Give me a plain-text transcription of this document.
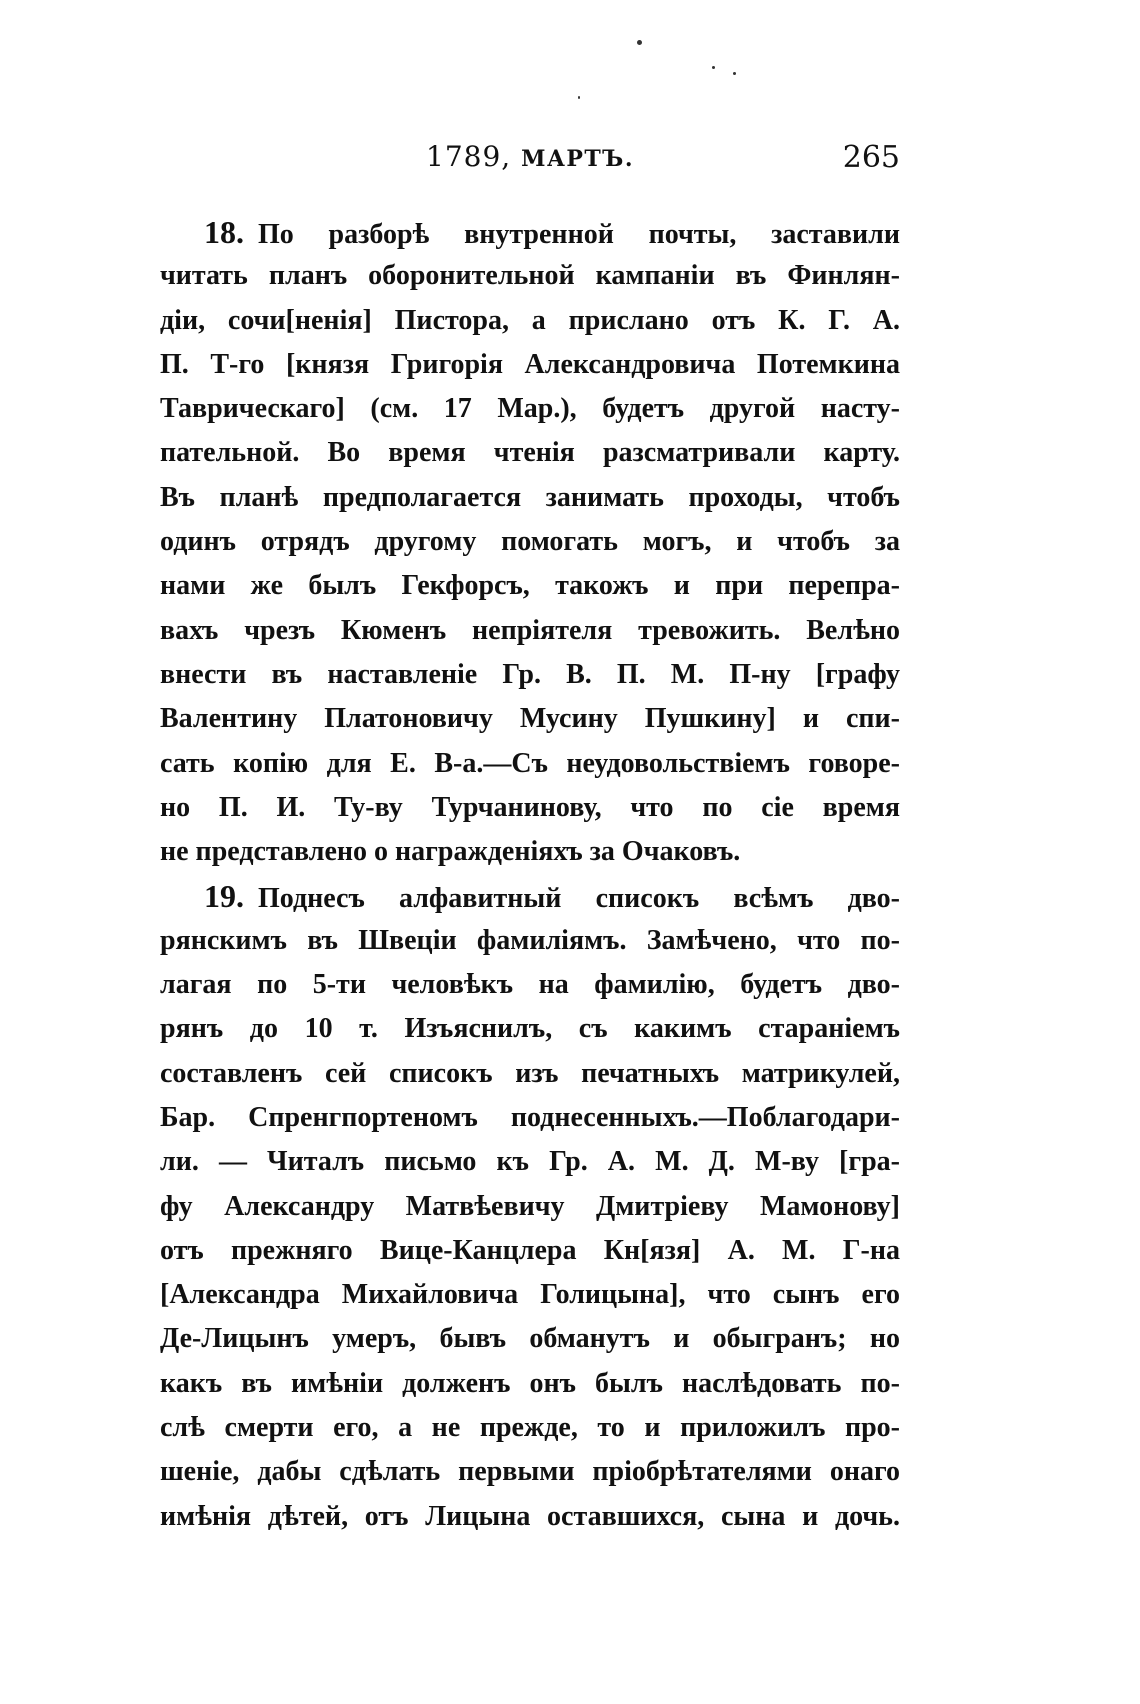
1789, МАРТЪ.	265
18. По разборѣ внутренной почты, заставили
читать планъ оборонительной кампаніи въ Финлян-
діи, сочи[ненія] Пистора, а прислано отъ К. Г. А.
П. Т-го [князя Григорія Александровича Потемкина
Таврическаго] (см. 17 Мар.), будетъ другой насту-
пательной. Во время чтенія разсматривали карту.
Въ планѣ предполагается занимать проходы, чтобъ
одинъ отрядъ другому помогать могъ, и чтобъ за
нами же былъ Гекфорсъ, такожъ и при перепра-
вахъ чрезъ Кюменъ непріятеля тревожить. Велѣно
внести въ наставленіе Гр. В. П. М. П-ну [графу
Валентину Платоновичу Мусину Пушкину] и спи-
сать копію для Е. В-а.—Съ неудовольствіемъ говоре-
но П. И. Ту-ву Турчанинову, что по сіе время
не представлено о награжденіяхъ за Очаковъ.
19. Поднесъ алфавитный списокъ всѣмъ дво-
рянскимъ въ Швеціи фамиліямъ. Замѣчено, что по-
лагая по 5-ти человѣкъ на фамилію, будетъ дво-
рянъ до 10 т. Изъяснилъ, съ какимъ стараніемъ
составленъ сей списокъ изъ печатныхъ матрикулей,
Бар. Спренгпортеномъ поднесенныхъ.—Поблагодари-
ли. — Читалъ письмо къ Гр. А. М. Д. М-ву [гра-
фу Александру Матвѣевичу Дмитріеву Мамонову]
отъ прежняго Вице-Канцлера Кн[язя] А. М. Г-на
[Александра Михайловича Голицына], что сынъ его
Де-Лицынъ умеръ, бывъ обманутъ и обыгранъ; но
какъ въ имѣніи долженъ онъ былъ наслѣдовать по-
слѣ смерти его, а не прежде, то и приложилъ про-
шеніе, дабы сдѣлать первыми пріобрѣтателями онаго
имѣнія дѣтей, отъ Лицына оставшихся, сына и дочь.
